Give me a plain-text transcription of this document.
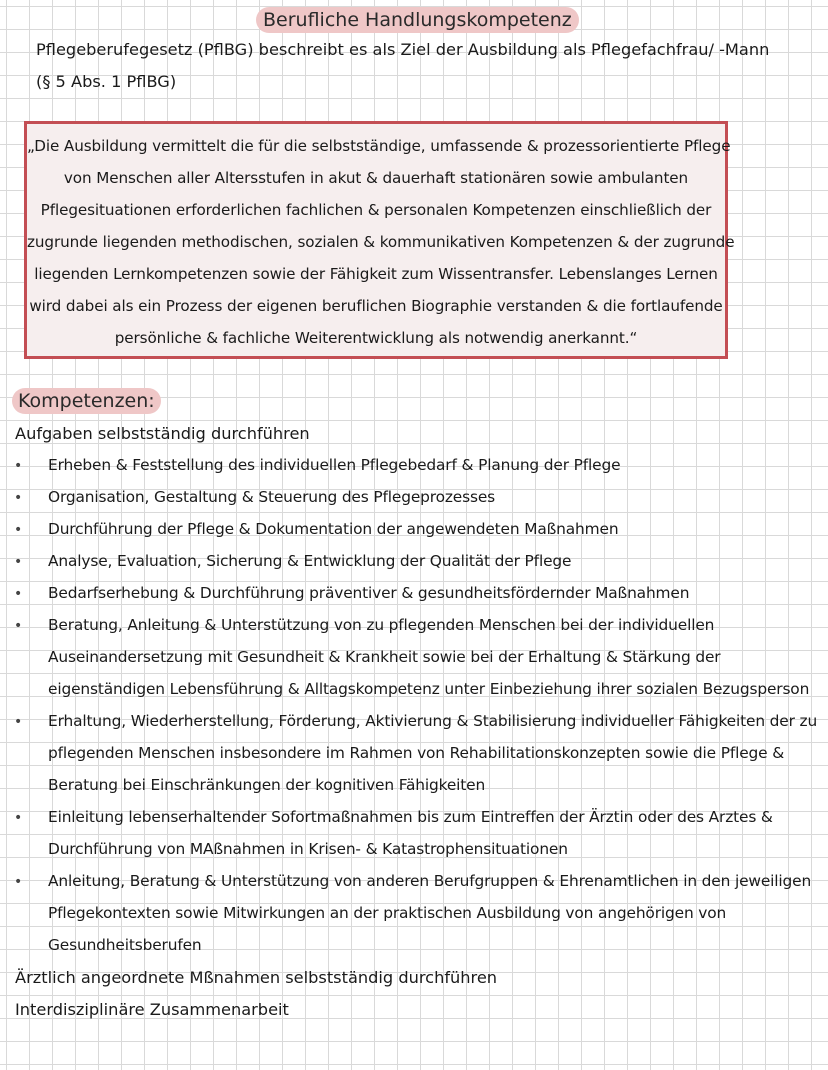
Berufliche Handlungskompetenz
Pflegeberufegesetz (PflBG) beschreibt es als Ziel der Ausbildung als Pflegefachfrau/ -Mann
(§ 5 Abs. 1 PflBG)
„Die Ausbildung vermittelt die für die selbstständige, umfassende & prozessorientierte Pflege
von Menschen aller Altersstufen in akut & dauerhaft stationären sowie ambulanten
Pflegesituationen erforderlichen fachlichen & personalen Kompetenzen einschließlich der
zugrunde liegenden methodischen, sozialen & kommunikativen Kompetenzen & der zugrunde
liegenden Lernkompetenzen sowie der Fähigkeit zum Wissentransfer. Lebenslanges Lernen
wird dabei als ein Prozess der eigenen beruflichen Biographie verstanden & die fortlaufende
persönliche & fachliche Weiterentwicklung als notwendig anerkannt.“
Kompetenzen:
Aufgaben selbstständig durchführen
•
•
•
•
•
•
•
•
•
Erheben & Feststellung des individuellen Pflegebedarf & Planung der Pflege
Organisation, Gestaltung & Steuerung des Pflegeprozesses
Durchführung der Pflege & Dokumentation der angewendeten Maßnahmen
Analyse, Evaluation, Sicherung & Entwicklung der Qualität der Pflege
Bedarfserhebung & Durchführung präventiver & gesundheitsfördernder Maßnahmen
Beratung, Anleitung & Unterstützung von zu pflegenden Menschen bei der individuellen
Auseinandersetzung mit Gesundheit & Krankheit sowie bei der Erhaltung & Stärkung der
eigenständigen Lebensführung & Alltagskompetenz unter Einbeziehung ihrer sozialen Bezugsperson
Erhaltung, Wiederherstellung, Förderung, Aktivierung & Stabilisierung individueller Fähigkeiten der zu
pflegenden Menschen insbesondere im Rahmen von Rehabilitationskonzepten sowie die Pflege &
Beratung bei Einschränkungen der kognitiven Fähigkeiten
Einleitung lebenserhaltender Sofortmaßnahmen bis zum Eintreffen der Ärztin oder des Arztes &
Durchführung von MAßnahmen in Krisen- & Katastrophensituationen
Anleitung, Beratung & Unterstützung von anderen Berufgruppen & Ehrenamtlichen in den jeweiligen
Pflegekontexten sowie Mitwirkungen an der praktischen Ausbildung von angehörigen von
Gesundheitsberufen
Ärztlich angeordnete Mßnahmen selbstständig durchführen
Interdisziplinäre Zusammenarbeit
